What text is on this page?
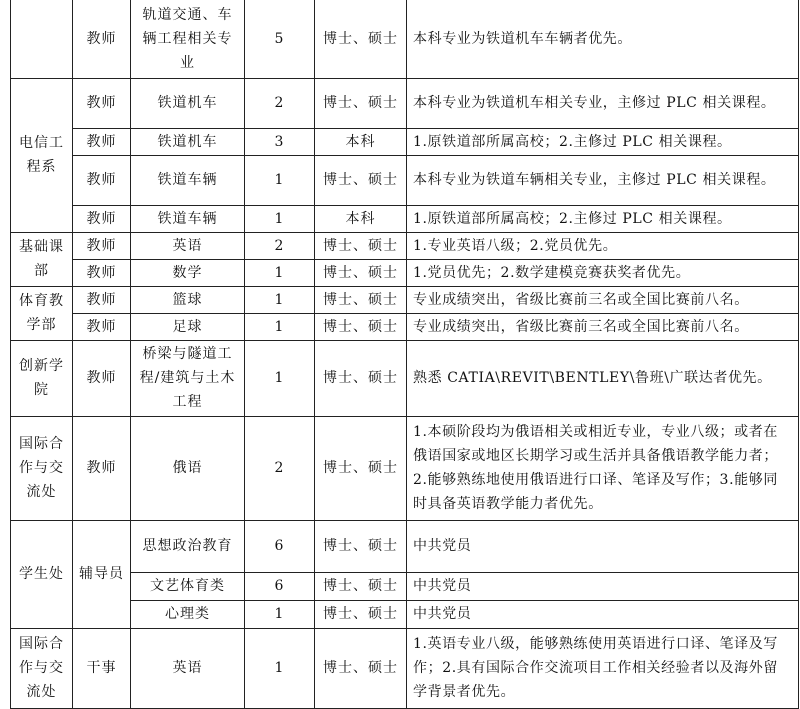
	教师	轨道交通、车辆工程相关专业	5	博士、硕士	本科专业为铁道机车车辆者优先。
电信工程系	教师	铁道机车	2	博士、硕士	本科专业为铁道机车相关专业，主修过 PLC 相关课程。
	教师	铁道机车	3	本科	1.原铁道部所属高校；2.主修过 PLC 相关课程。
	教师	铁道车辆	1	博士、硕士	本科专业为铁道车辆相关专业，主修过 PLC 相关课程。
	教师	铁道车辆	1	本科	1.原铁道部所属高校；2.主修过 PLC 相关课程。
基础课部	教师	英语	2	博士、硕士	1.专业英语八级；2.党员优先。
	教师	数学	1	博士、硕士	1.党员优先；2.数学建模竞赛获奖者优先。
体育教学部	教师	篮球	1	博士、硕士	专业成绩突出，省级比赛前三名或全国比赛前八名。
	教师	足球	1	博士、硕士	专业成绩突出，省级比赛前三名或全国比赛前八名。
创新学院	教师	桥梁与隧道工程/建筑与土木工程	1	博士、硕士	熟悉 CATIA\REVIT\BENTLEY\鲁班\广联达者优先。
国际合作与交流处	教师	俄语	2	博士、硕士	1.本硕阶段均为俄语相关或相近专业，专业八级；或者在俄语国家或地区长期学习或生活并具备俄语教学能力者；2.能够熟练地使用俄语进行口译、笔译及写作；3.能够同时具备英语教学能力者优先。
学生处	辅导员	思想政治教育	6	博士、硕士	中共党员
		文艺体育类	6	博士、硕士	中共党员
		心理类	1	博士、硕士	中共党员
国际合作与交流处	干事	英语	1	博士、硕士	1.英语专业八级，能够熟练使用英语进行口译、笔译及写作；2.具有国际合作交流项目工作相关经验者以及海外留学背景者优先。
